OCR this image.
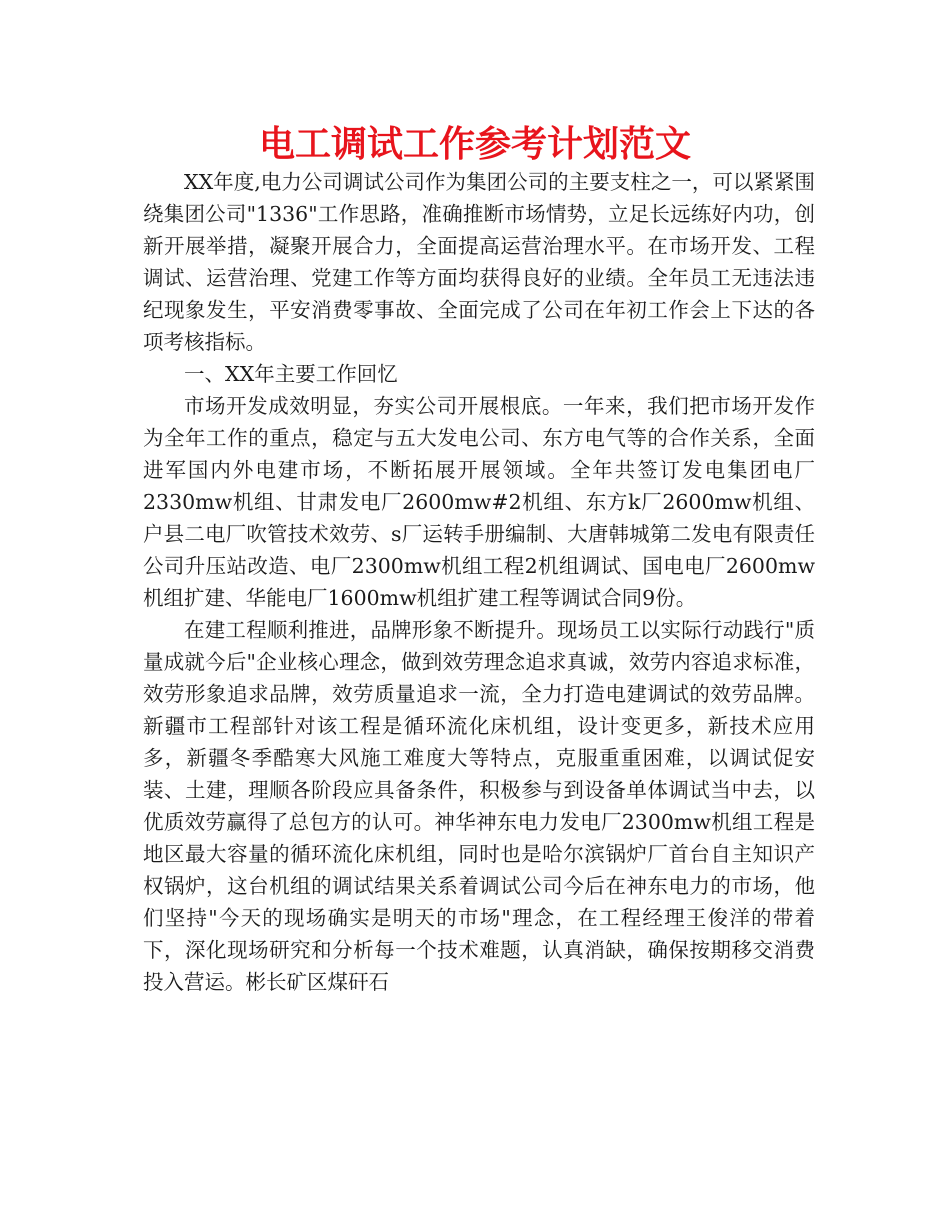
电工调试工作参考计划范文

XX年度,电力公司调试公司作为集团公司的主要支柱之一，可以紧紧围绕集团公司"1336"工作思路，准确推断市场情势，立足长远练好内功，创新开展举措，凝聚开展合力，全面提高运营治理水平。在市场开发、工程调试、运营治理、党建工作等方面均获得良好的业绩。全年员工无违法违纪现象发生，平安消费零事故、全面完成了公司在年初工作会上下达的各项考核指标。

一、XX年主要工作回忆

市场开发成效明显，夯实公司开展根底。一年来，我们把市场开发作为全年工作的重点，稳定与五大发电公司、东方电气等的合作关系，全面进军国内外电建市场，不断拓展开展领域。全年共签订发电集团电厂2330mw机组、甘肃发电厂2600mw#2机组、东方k厂2600mw机组、户县二电厂吹管技术效劳、s厂运转手册编制、大唐韩城第二发电有限责任公司升压站改造、电厂2300mw机组工程2机组调试、国电电厂2600mw机组扩建、华能电厂1600mw机组扩建工程等调试合同9份。

在建工程顺利推进，品牌形象不断提升。现场员工以实际行动践行"质量成就今后"企业核心理念，做到效劳理念追求真诚，效劳内容追求标准，效劳形象追求品牌，效劳质量追求一流，全力打造电建调试的效劳品牌。新疆市工程部针对该工程是循环流化床机组，设计变更多，新技术应用多，新疆冬季酷寒大风施工难度大等特点，克服重重困难，以调试促安装、土建，理顺各阶段应具备条件，积极参与到设备单体调试当中去，以优质效劳赢得了总包方的认可。神华神东电力发电厂2300mw机组工程是地区最大容量的循环流化床机组，同时也是哈尔滨锅炉厂首台自主知识产权锅炉，这台机组的调试结果关系着调试公司今后在神东电力的市场，他们坚持"今天的现场确实是明天的市场"理念，在工程经理王俊洋的带着下，深化现场研究和分析每一个技术难题，认真消缺，确保按期移交消费投入营运。彬长矿区煤矸石
